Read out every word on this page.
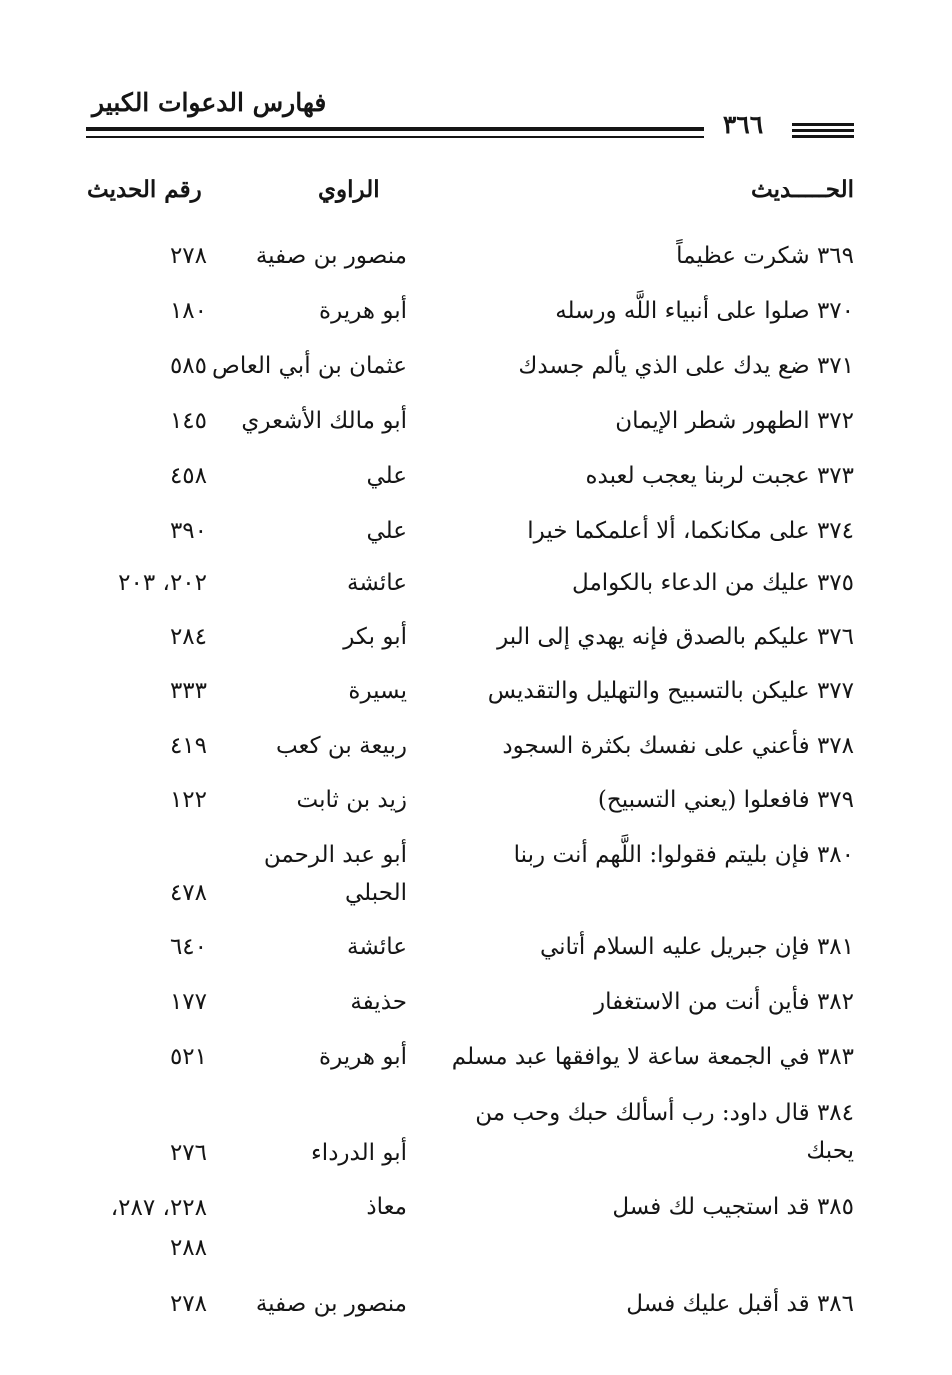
فهارس الدعوات الكبير
٣٦٦
الحـــــديث
الراوي
رقم الحديث
٣٦٩ شكرت عظيماً
منصور بن صفية
٢٧٨
٣٧٠ صلوا على أنبياء اللَّه ورسله
أبو هريرة
١٨٠
٣٧١ ضع يدك على الذي يألم جسدك
عثمان بن أبي العاص
٥٨٥
٣٧٢ الطهور شطر الإيمان
أبو مالك الأشعري
١٤٥
٣٧٣ عجبت لربنا يعجب لعبده
علي
٤٥٨
٣٧٤ على مكانكما، ألا أعلمكما خيرا
علي
٣٩٠
٣٧٥ عليك من الدعاء بالكوامل
عائشة
٢٠٢، ٢٠٣
٣٧٦ عليكم بالصدق فإنه يهدي إلى البر
أبو بكر
٢٨٤
٣٧٧ عليكن بالتسبيح والتهليل والتقديس
يسيرة
٣٣٣
٣٧٨ فأعني على نفسك بكثرة السجود
ربيعة بن كعب
٤١٩
٣٧٩ فافعلوا (يعني التسبيح)
زيد بن ثابت
١٢٢
٣٨٠ فإن بليتم فقولوا: اللَّهم أنت ربنا
أبو عبد الرحمن الحبلي
٤٧٨
٣٨١ فإن جبريل عليه السلام أتاني
عائشة
٦٤٠
٣٨٢ فأين أنت من الاستغفار
حذيفة
١٧٧
٣٨٣ في الجمعة ساعة لا يوافقها عبد مسلم
أبو هريرة
٥٢١
٣٨٤ قال داود: رب أسألك حبك وحب من يحبك
أبو الدرداء
٢٧٦
٣٨٥ قد استجيب لك فسل
معاذ
٢٢٨، ٢٨٧، ٢٨٨
٣٨٦ قد أقبل عليك فسل
منصور بن صفية
٢٧٨
